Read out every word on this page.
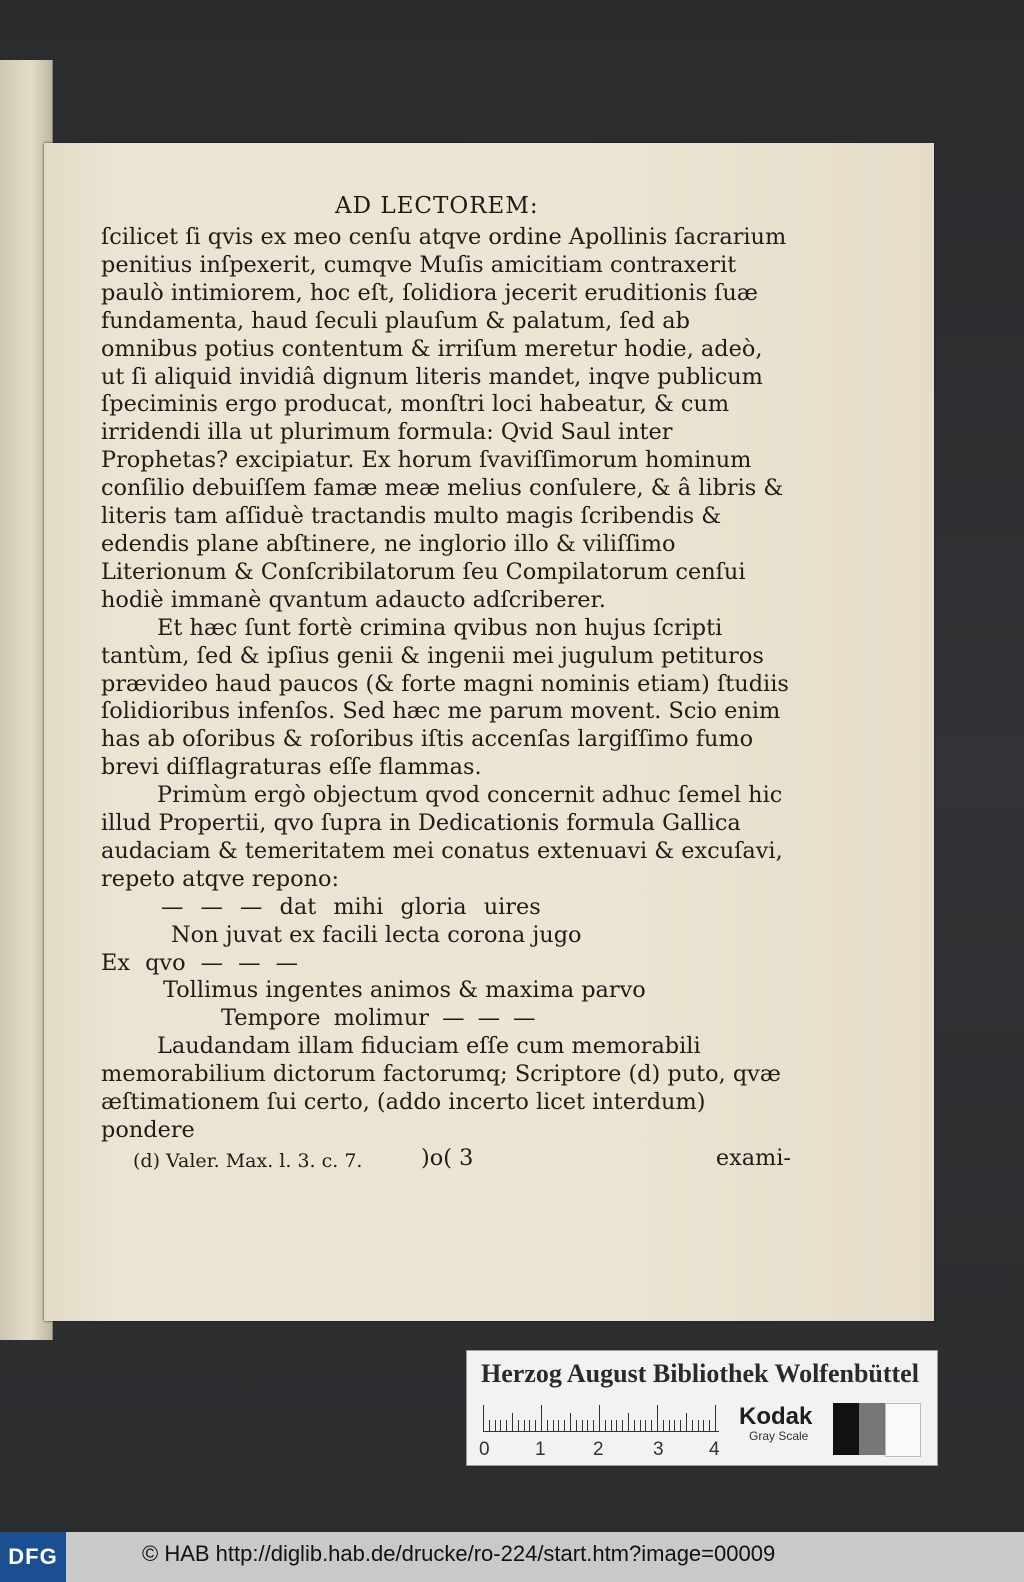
AD LECTOREM:

ſcilicet ſi qvis ex meo cenſu atqve ordine Apollinis ſacrarium penitius inſpexerit, cumqve Muſis amicitiam contraxerit paulò intimiorem, hoc eſt, ſolidiora jecerit eruditionis ſuæ fundamenta, haud ſeculi plauſum & palatum, ſed ab omnibus potius contentum & irriſum meretur hodie, adeò, ut ſi aliquid invidiâ dignum literis mandet, inqve publicum ſpeciminis ergo producat, monſtri loci habeatur, & cum irridendi illa ut plurimum formula: Qvid Saul inter Prophetas? excipiatur. Ex horum ſvaviſſimorum hominum conſilio debuiſſem famæ meæ melius conſulere, & â libris & literis tam aſſiduè tractandis multo magis ſcribendis & edendis plane abſtinere, ne inglorio illo & viliſſimo Literionum & Conſcribilatorum ſeu Compilatorum cenſui hodiè immanè qvantum adaucto adſcriberer.

Et hæc ſunt fortè crimina qvibus non hujus ſcripti tantùm, ſed & ipſius genii & ingenii mei jugulum petituros prævideo haud paucos (& forte magni nominis etiam) ſtudiis ſolidioribus infenſos. Sed hæc me parum movent. Scio enim has ab oſoribus & roſoribus iſtis accenſas largiſſimo fumo brevi diſflagraturas eſſe flammas.

Primùm ergò objectum qvod concernit adhuc ſemel hic illud Propertii, qvo ſupra in Dedicationis formula Gallica audaciam & temeritatem mei conatus extenuavi & excuſavi, repeto atqve repono:

— — — dat mihi gloria uires

Non juvat ex facili lecta corona jugo

Ex qvo — — —

Tollimus ingentes animos & maxima parvo

Tempore molimur — — —

Laudandam illam fiduciam eſſe cum memorabili memorabilium dictorum factorumq; Scriptore (d) puto, qvæ æſtimationem ſui certo, (addo incerto licet interdum) pondere

)o( 3	exami-
(d) Valer. Max. l. 3. c. 7.
Herzog August Bibliothek Wolfenbüttel
0 1 2	3 4
Kodak
Gray Scale
DFG	© HAB http://diglib.hab.de/drucke/ro-224/start.htm?image=00009
